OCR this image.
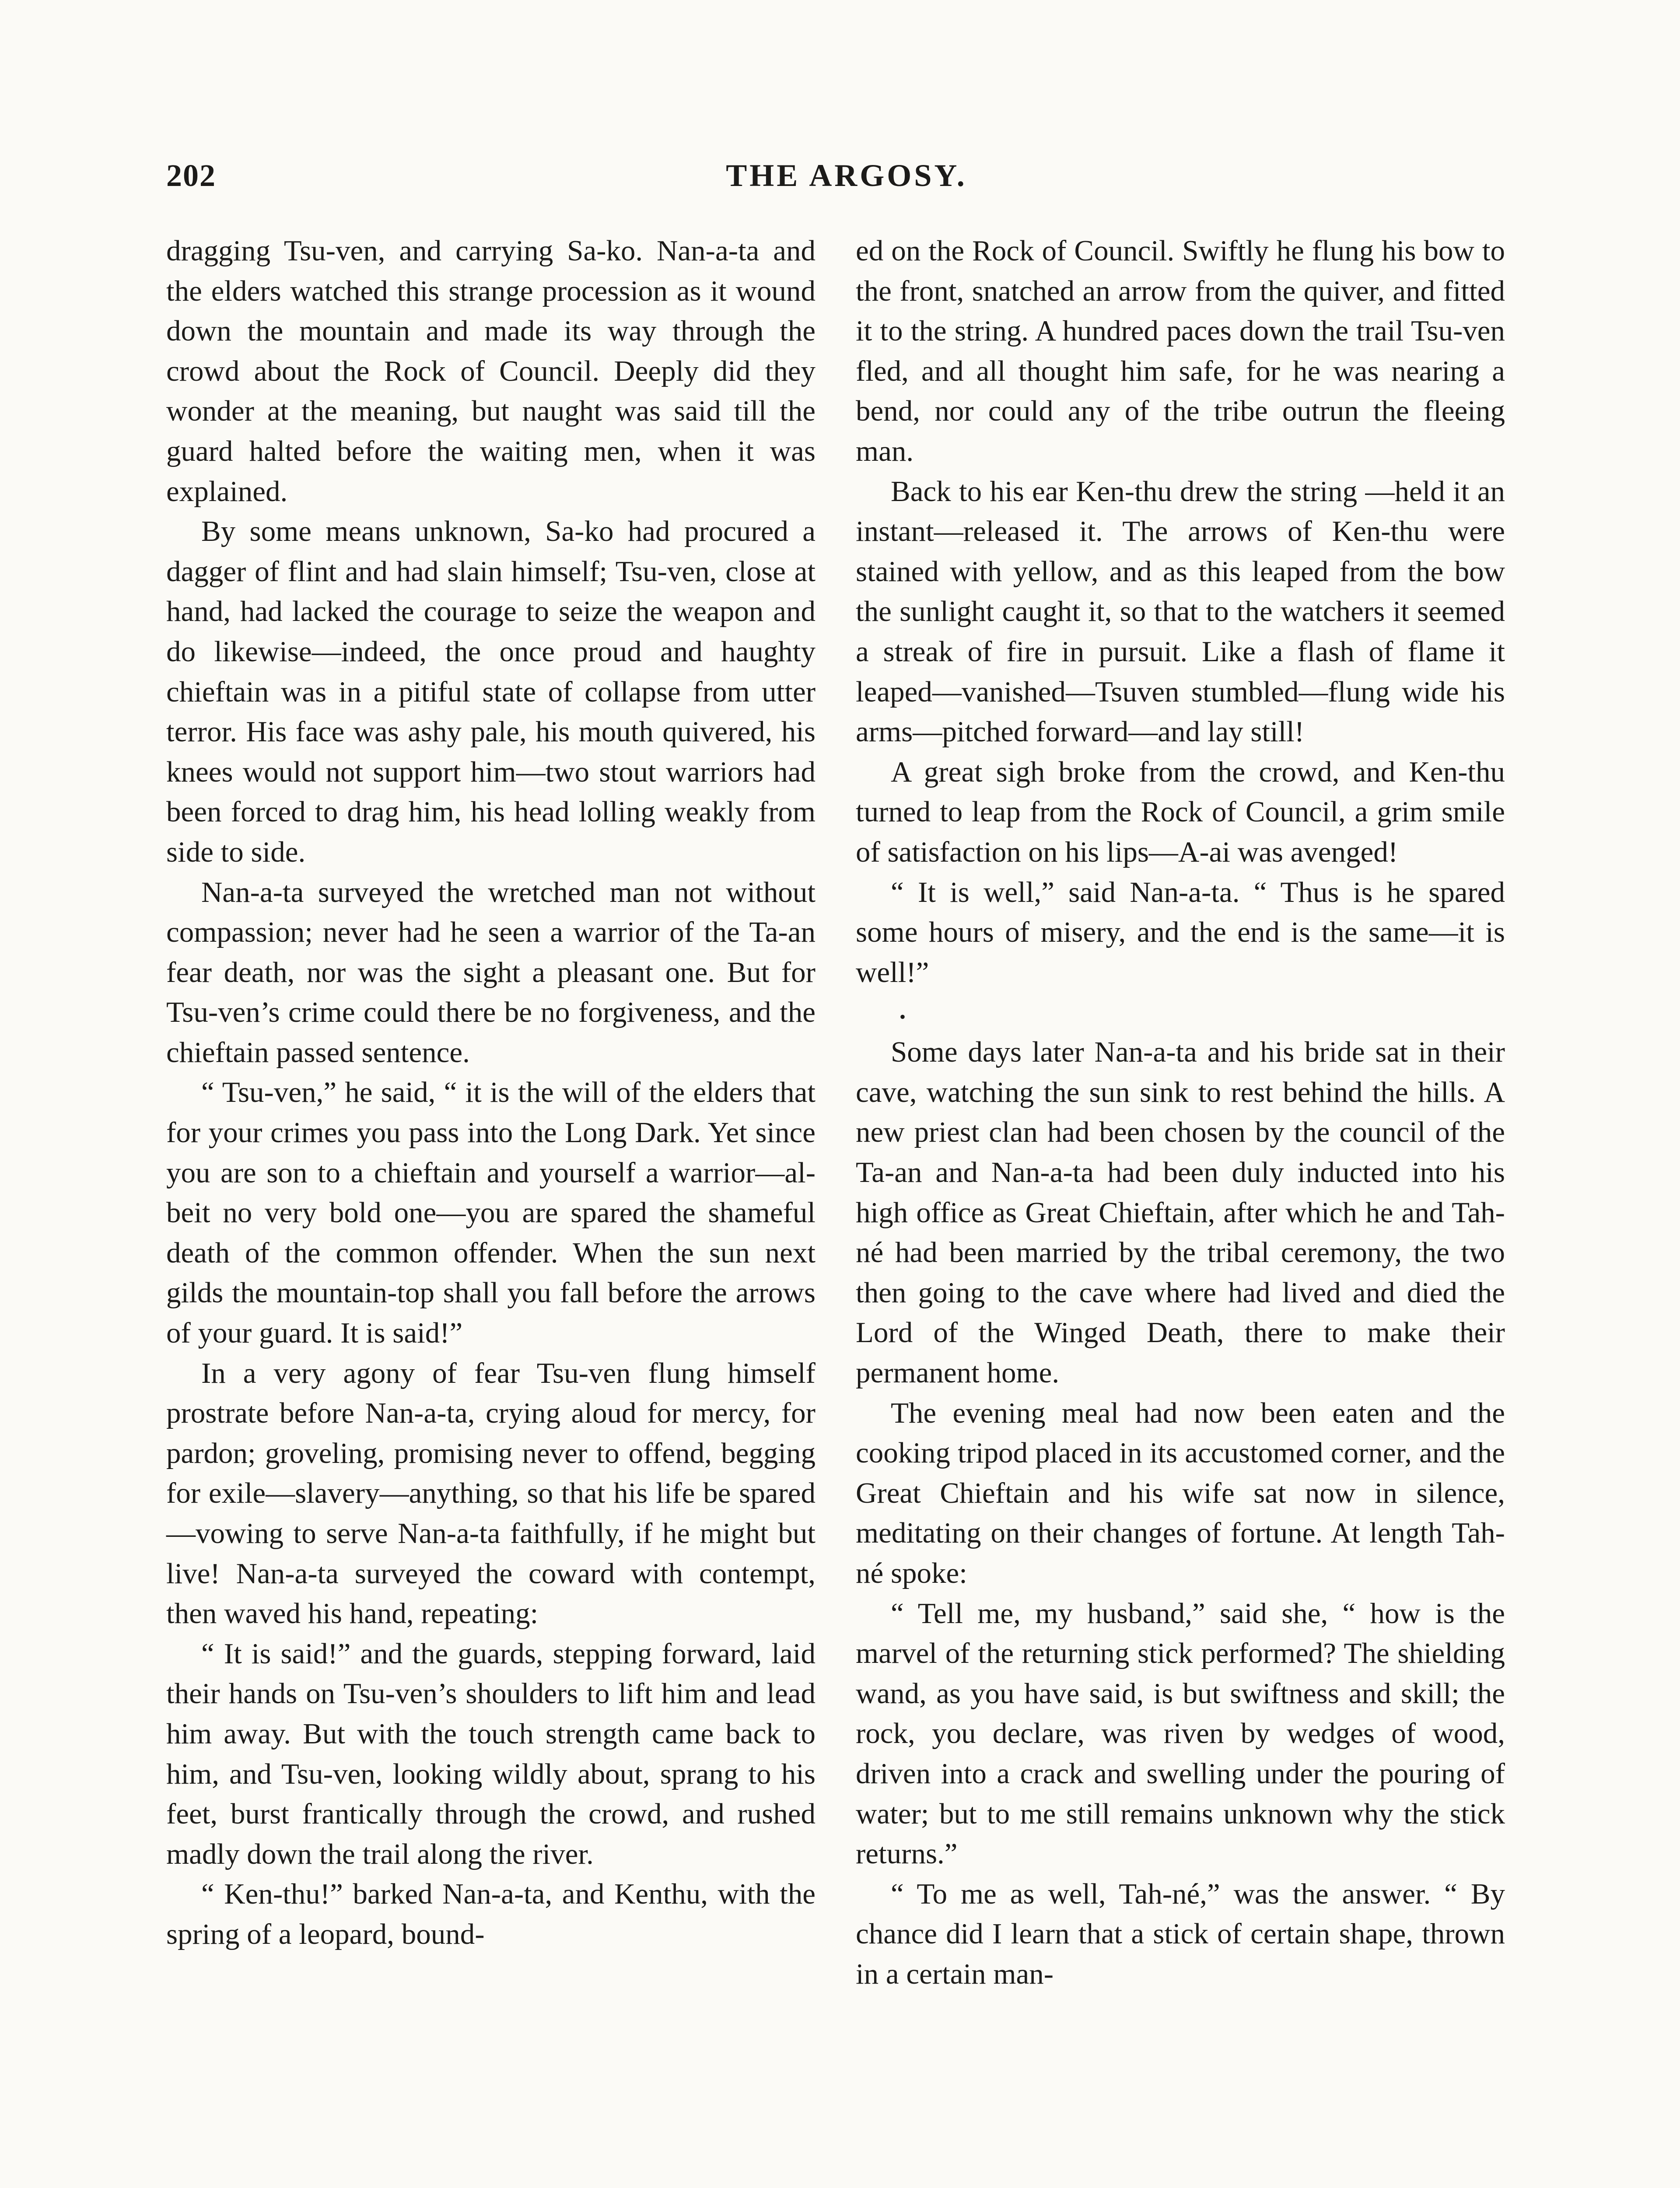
202	THE ARGOSY.

dragging Tsu-ven, and carrying Sa-ko. Nan-a-ta and the elders watched this strange procession as it wound down the mountain and made its way through the crowd about the Rock of Council. Deeply did they wonder at the meaning, but naught was said till the guard halted before the waiting men, when it was explained.

By some means unknown, Sa-ko had procured a dagger of flint and had slain himself; Tsu-ven, close at hand, had lacked the courage to seize the weapon and do likewise—indeed, the once proud and haughty chieftain was in a pitiful state of collapse from utter terror. His face was ashy pale, his mouth quivered, his knees would not support him—two stout warriors had been forced to drag him, his head lolling weakly from side to side.

Nan-a-ta surveyed the wretched man not without compassion; never had he seen a warrior of the Ta-an fear death, nor was the sight a pleasant one. But for Tsu-ven’s crime could there be no forgiveness, and the chieftain passed sentence.

“ Tsu-ven,” he said, “ it is the will of the elders that for your crimes you pass into the Long Dark. Yet since you are son to a chieftain and yourself a warrior—albeit no very bold one—you are spared the shameful death of the common offender. When the sun next gilds the mountain-top shall you fall before the arrows of your guard. It is said!”

In a very agony of fear Tsu-ven flung himself prostrate before Nan-a-ta, crying aloud for mercy, for pardon; groveling, promising never to offend, begging for exile—slavery—anything, so that his life be spared—vowing to serve Nan-a-ta faithfully, if he might but live! Nan-a-ta surveyed the coward with contempt, then waved his hand, repeating:

“ It is said!” and the guards, stepping forward, laid their hands on Tsu-ven’s shoulders to lift him and lead him away. But with the touch strength came back to him, and Tsu-ven, looking wildly about, sprang to his feet, burst frantically through the crowd, and rushed madly down the trail along the river.

“ Ken-thu!” barked Nan-a-ta, and Kenthu, with the spring of a leopard, bound-

ed on the Rock of Council. Swiftly he flung his bow to the front, snatched an arrow from the quiver, and fitted it to the string. A hundred paces down the trail Tsu-ven fled, and all thought him safe, for he was nearing a bend, nor could any of the tribe outrun the fleeing man.

Back to his ear Ken-thu drew the string —held it an instant—released it. The arrows of Ken-thu were stained with yellow, and as this leaped from the bow the sunlight caught it, so that to the watchers it seemed a streak of fire in pursuit. Like a flash of flame it leaped—vanished—Tsuven stumbled—flung wide his arms—pitched forward—and lay still!

A great sigh broke from the crowd, and Ken-thu turned to leap from the Rock of Council, a grim smile of satisfaction on his lips—A-ai was avenged!

“ It is well,” said Nan-a-ta. “ Thus is he spared some hours of misery, and the end is the same—it is well!”

•

Some days later Nan-a-ta and his bride sat in their cave, watching the sun sink to rest behind the hills. A new priest clan had been chosen by the council of the Ta-an and Nan-a-ta had been duly inducted into his high office as Great Chieftain, after which he and Tah-né had been married by the tribal ceremony, the two then going to the cave where had lived and died the Lord of the Winged Death, there to make their permanent home.

The evening meal had now been eaten and the cooking tripod placed in its accustomed corner, and the Great Chieftain and his wife sat now in silence, meditating on their changes of fortune. At length Tah-né spoke:

“ Tell me, my husband,” said she, “ how is the marvel of the returning stick performed? The shielding wand, as you have said, is but swiftness and skill; the rock, you declare, was riven by wedges of wood, driven into a crack and swelling under the pouring of water; but to me still remains unknown why the stick returns.”

“ To me as well, Tah-né,” was the answer. “ By chance did I learn that a stick of certain shape, thrown in a certain man-
